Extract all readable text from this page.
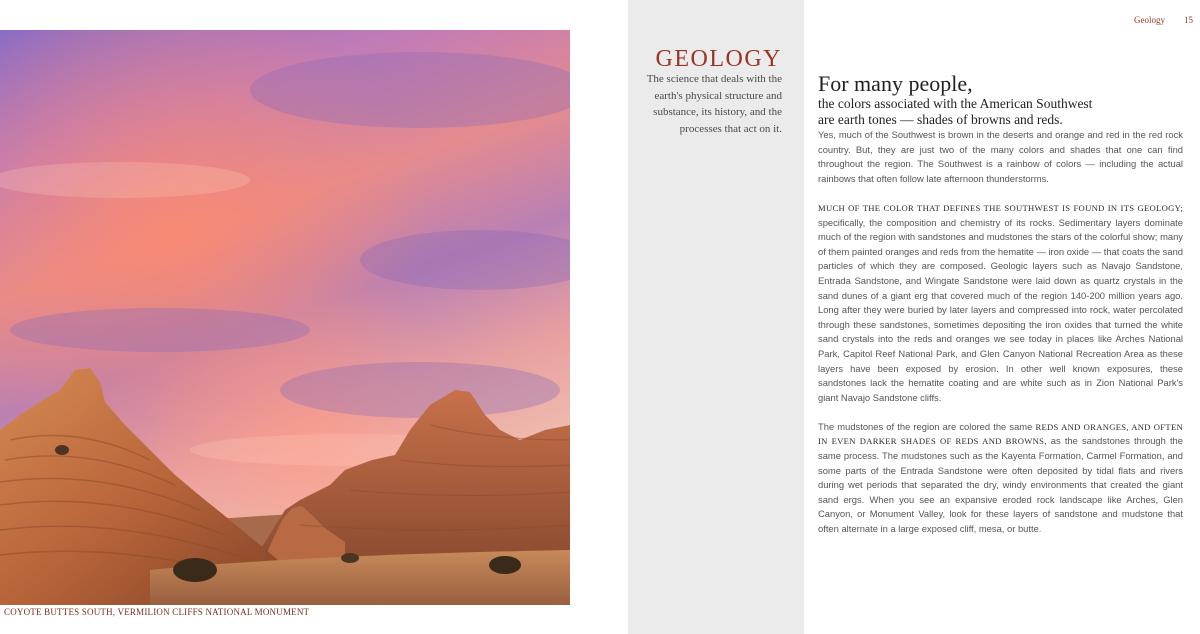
COYOTE BUTTES SOUTH, VERMILION CLIFFS NATIONAL MONUMENT
GEOLOGY
The science that deals with the earth's physical structure and substance, its history, and the processes that act on it.
Geology 15
For many people,
the colors associated with the American Southwest
are earth tones — shades of browns and reds.

Yes, much of the Southwest is brown in the deserts and orange and red in the red rock country. But, they are just two of the many colors and shades that one can find throughout the region. The Southwest is a rainbow of colors — including the actual rainbows that often follow late afternoon thunderstorms.

MUCH OF THE COLOR THAT DEFINES THE SOUTHWEST IS FOUND IN ITS GEOLOGY; specifically, the composition and chemistry of its rocks. Sedimentary layers dominate much of the region with sandstones and mudstones the stars of the colorful show; many of them painted oranges and reds from the hematite — iron oxide — that coats the sand particles of which they are composed. Geologic layers such as Navajo Sandstone, Entrada Sandstone, and Wingate Sandstone were laid down as quartz crystals in the sand dunes of a giant erg that covered much of the region 140-200 million years ago. Long after they were buried by later layers and compressed into rock, water percolated through these sandstones, sometimes depositing the iron oxides that turned the white sand crystals into the reds and oranges we see today in places like Arches National Park, Capitol Reef National Park, and Glen Canyon National Recreation Area as these layers have been exposed by erosion. In other well known exposures, these sandstones lack the hematite coating and are white such as in Zion National Park's giant Navajo Sandstone cliffs.

The mudstones of the region are colored the same REDS AND ORANGES, AND OFTEN IN EVEN DARKER SHADES OF REDS AND BROWNS, as the sandstones through the same process. The mudstones such as the Kayenta Formation, Carmel Formation, and some parts of the Entrada Sandstone were often deposited by tidal flats and rivers during wet periods that separated the dry, windy environments that created the giant sand ergs. When you see an expansive eroded rock landscape like Arches, Glen Canyon, or Monument Valley, look for these layers of sandstone and mudstone that often alternate in a large exposed cliff, mesa, or butte.
